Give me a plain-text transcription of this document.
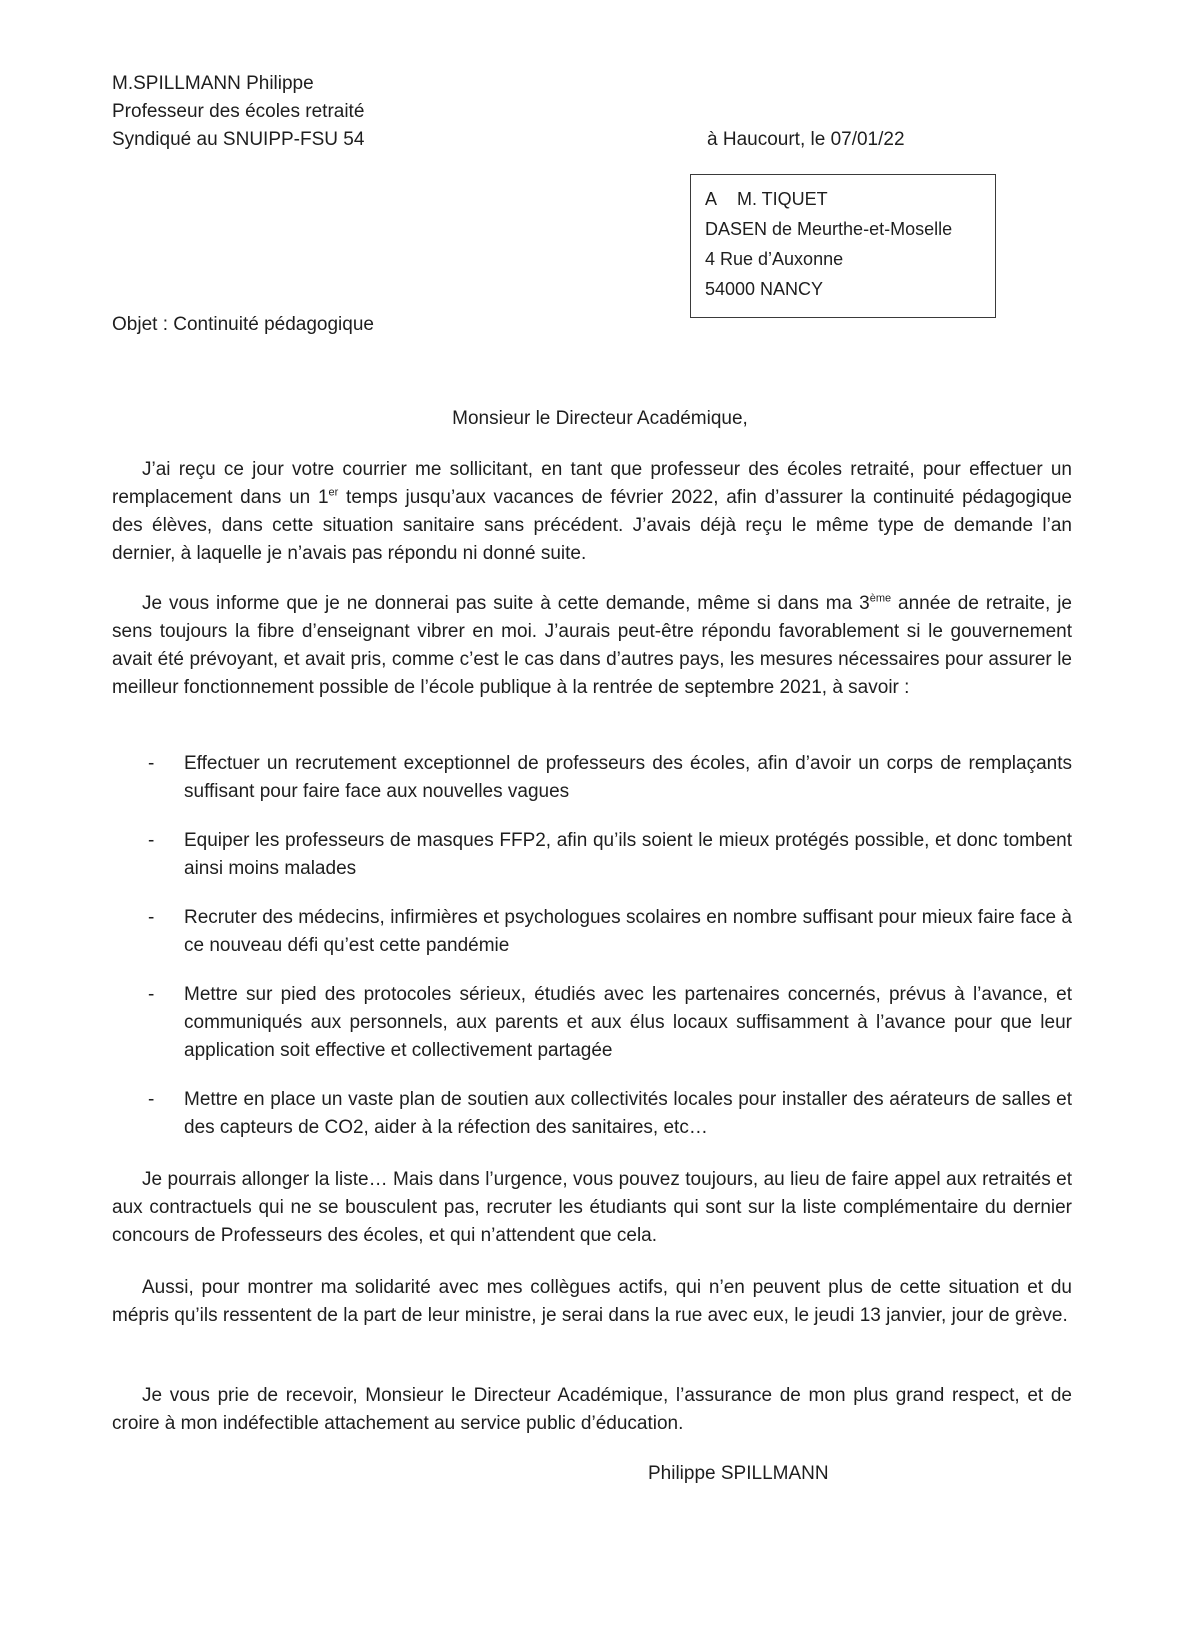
M.SPILLMANN Philippe
Professeur des écoles retraité
Syndiqué au SNUIPP-FSU 54	à Haucourt, le 07/01/22
A M. TIQUET
DASEN de Meurthe-et-Moselle
4 Rue d’Auxonne
54000 NANCY
Objet : Continuité pédagogique
Monsieur le Directeur Académique,

J’ai reçu ce jour votre courrier me sollicitant, en tant que professeur des écoles retraité, pour effectuer un remplacement dans un 1er temps jusqu’aux vacances de février 2022, afin d’assurer la continuité pédagogique des élèves, dans cette situation sanitaire sans précédent. J’avais déjà reçu le même type de demande l’an dernier, à laquelle je n’avais pas répondu ni donné suite.

Je vous informe que je ne donnerai pas suite à cette demande, même si dans ma 3ème année de retraite, je sens toujours la fibre d’enseignant vibrer en moi. J’aurais peut-être répondu favorablement si le gouvernement avait été prévoyant, et avait pris, comme c’est le cas dans d’autres pays, les mesures nécessaires pour assurer le meilleur fonctionnement possible de l’école publique à la rentrée de septembre 2021, à savoir :

- Effectuer un recrutement exceptionnel de professeurs des écoles, afin d’avoir un corps de remplaçants suffisant pour faire face aux nouvelles vagues
- Equiper les professeurs de masques FFP2, afin qu’ils soient le mieux protégés possible, et donc tombent ainsi moins malades
- Recruter des médecins, infirmières et psychologues scolaires en nombre suffisant pour mieux faire face à ce nouveau défi qu’est cette pandémie
- Mettre sur pied des protocoles sérieux, étudiés avec les partenaires concernés, prévus à l’avance, et communiqués aux personnels, aux parents et aux élus locaux suffisamment à l’avance pour que leur application soit effective et collectivement partagée
- Mettre en place un vaste plan de soutien aux collectivités locales pour installer des aérateurs de salles et des capteurs de CO2, aider à la réfection des sanitaires, etc…

Je pourrais allonger la liste… Mais dans l’urgence, vous pouvez toujours, au lieu de faire appel aux retraités et aux contractuels qui ne se bousculent pas, recruter les étudiants qui sont sur la liste complémentaire du dernier concours de Professeurs des écoles, et qui n’attendent que cela.

Aussi, pour montrer ma solidarité avec mes collègues actifs, qui n’en peuvent plus de cette situation et du mépris qu’ils ressentent de la part de leur ministre, je serai dans la rue avec eux, le jeudi 13 janvier, jour de grève.

Je vous prie de recevoir, Monsieur le Directeur Académique, l’assurance de mon plus grand respect, et de croire à mon indéfectible attachement au service public d’éducation.

Philippe SPILLMANN
